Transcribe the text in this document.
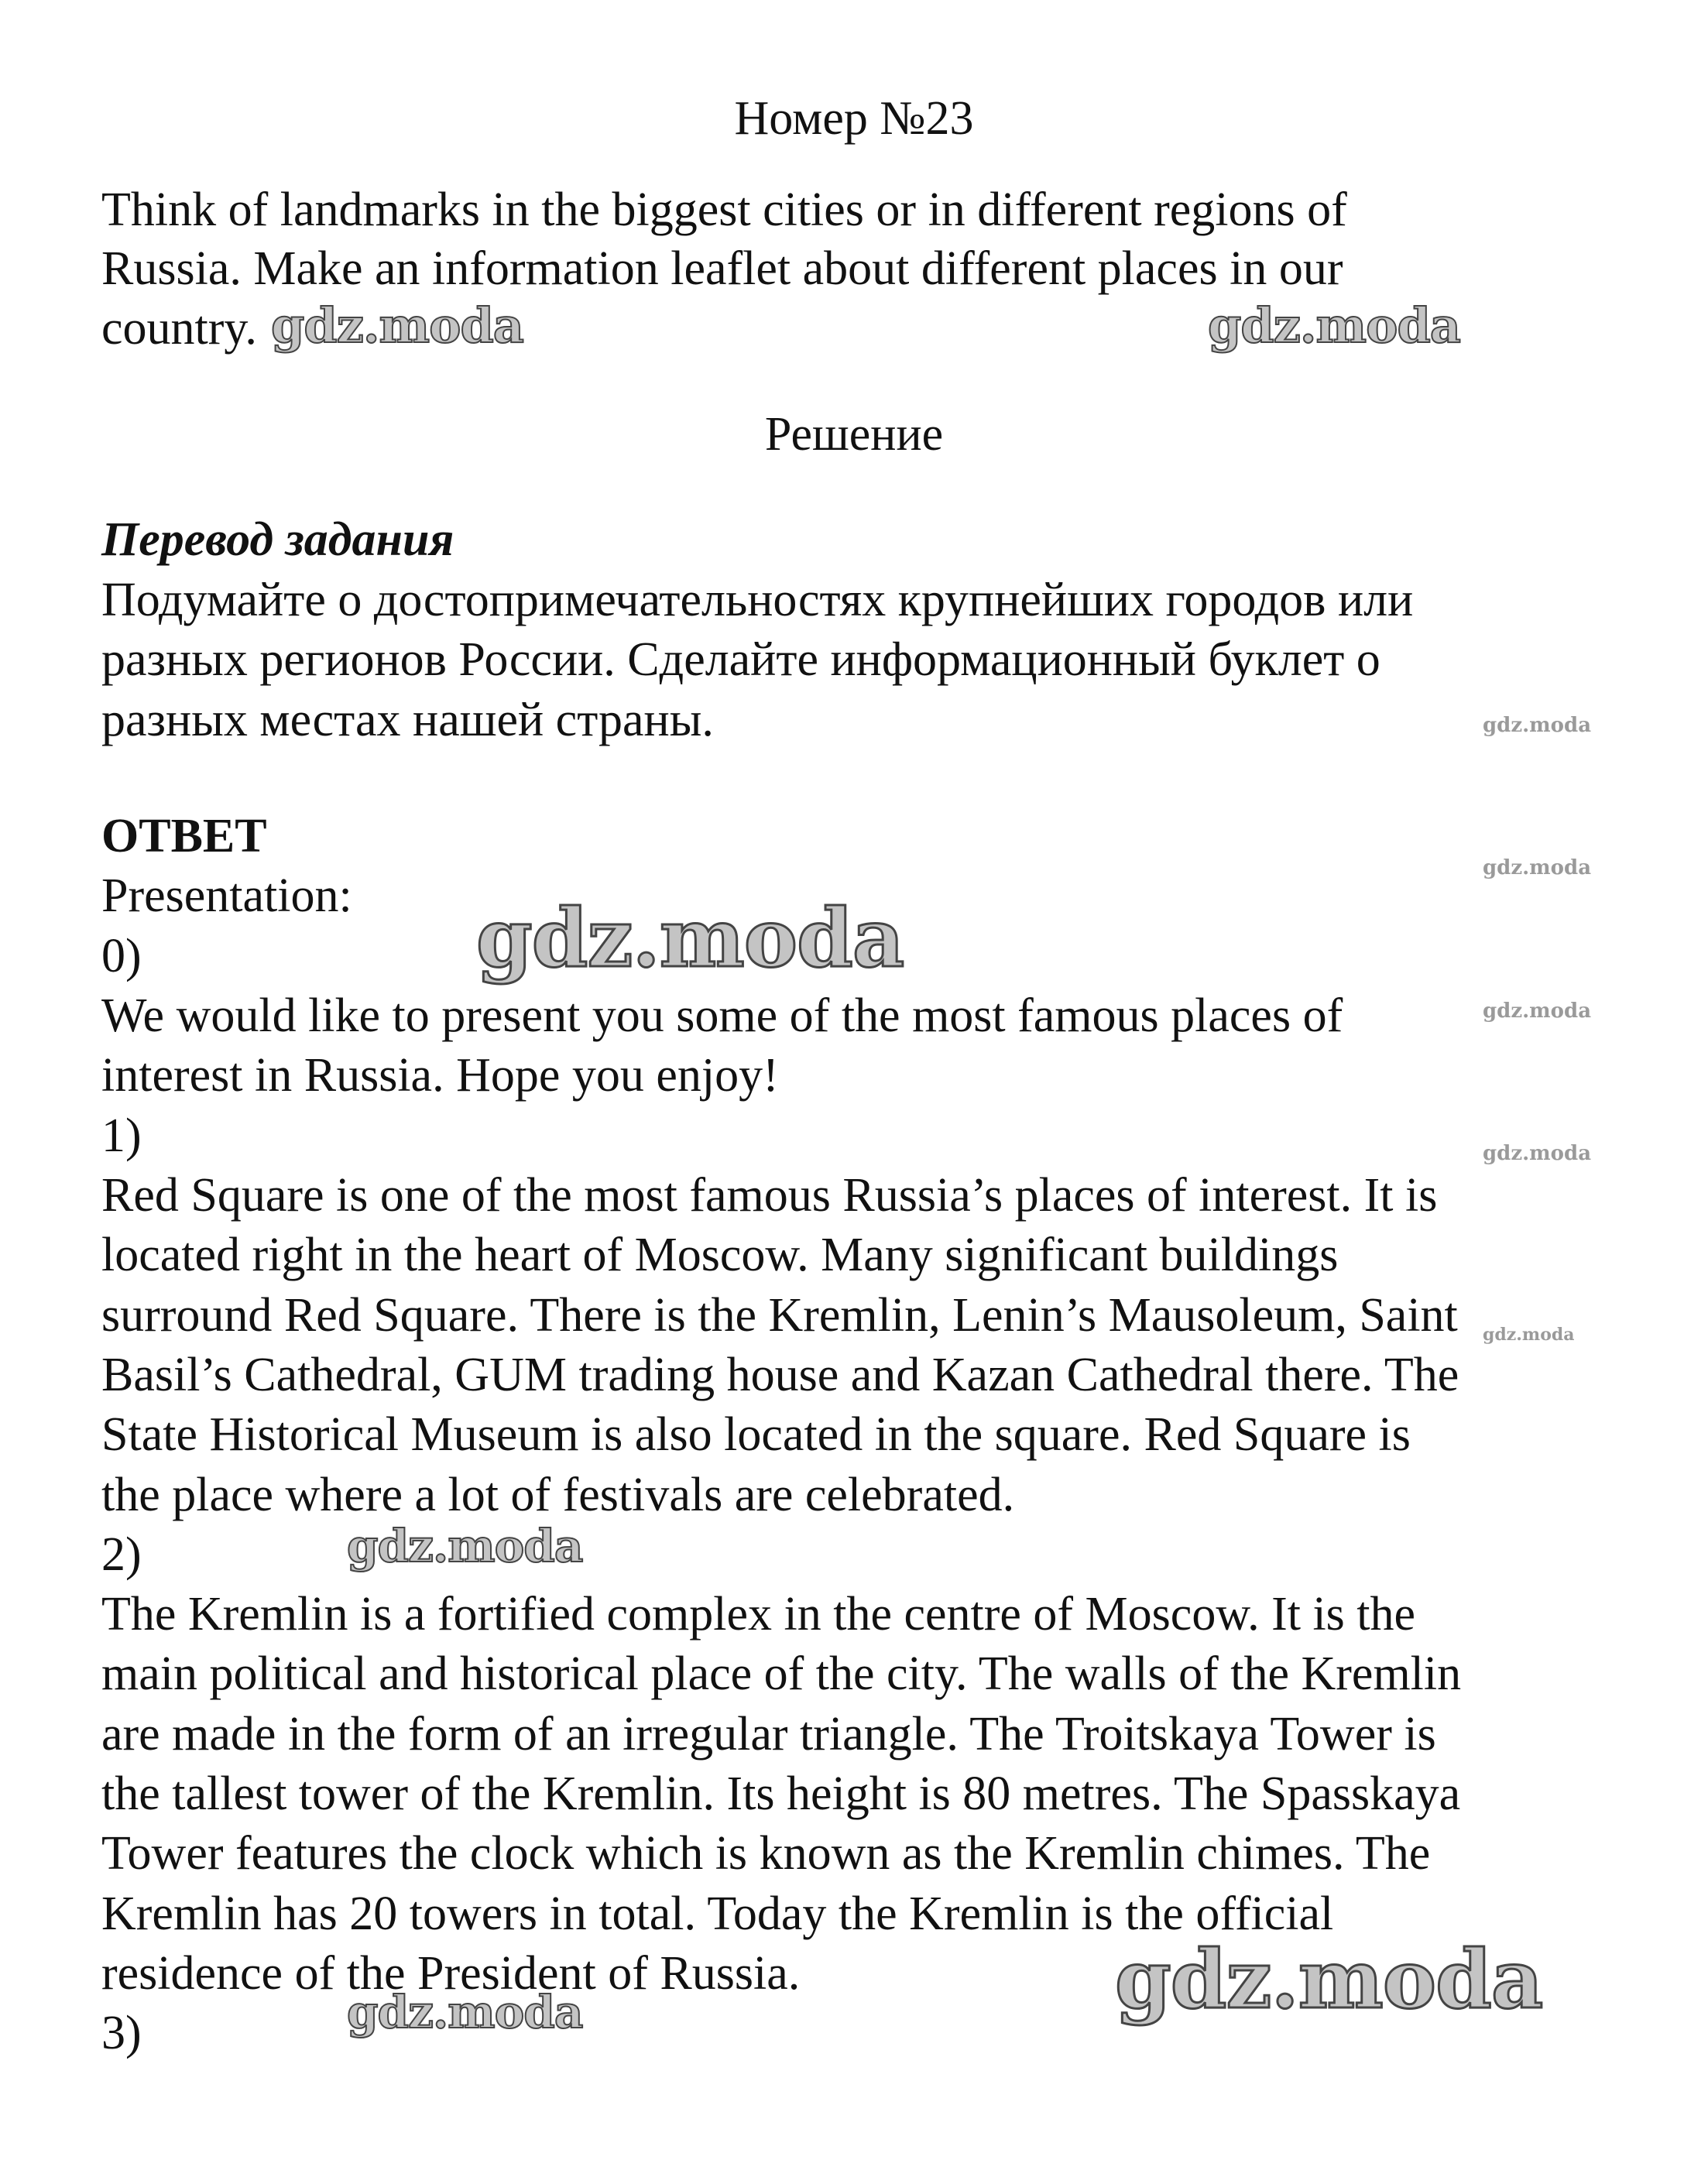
Номер №23
Think of landmarks in the biggest cities or in different regions of
Russia. Make an information leaflet about different places in our
country.
Решение
Перевод задания
Подумайте о достопримечательностях крупнейших городов или
разных регионов России. Сделайте информационный буклет о
разных местах нашей страны.
ОТВЕТ
Presentation:
0)
We would like to present you some of the most famous places of
interest in Russia. Hope you enjoy!
1)
Red Square is one of the most famous Russia’s places of interest. It is
located right in the heart of Moscow. Many significant buildings
surround Red Square. There is the Kremlin, Lenin’s Mausoleum, Saint
Basil’s Cathedral, GUM trading house and Kazan Cathedral there. The
State Historical Museum is also located in the square. Red Square is
the place where a lot of festivals are celebrated.
2)
The Kremlin is a fortified complex in the centre of Moscow. It is the
main political and historical place of the city. The walls of the Kremlin
are made in the form of an irregular triangle. The Troitskaya Tower is
the tallest tower of the Kremlin. Its height is 80 metres. The Spasskaya
Tower features the clock which is known as the Kremlin chimes. The
Kremlin has 20 towers in total. Today the Kremlin is the official
residence of the President of Russia.
3)
gdz.moda	gdz.moda
gdz.moda
gdz.moda
gdz.moda
gdz.moda
gdz.moda
gdz.moda
gdz.moda
gdz.moda
gdz.moda
